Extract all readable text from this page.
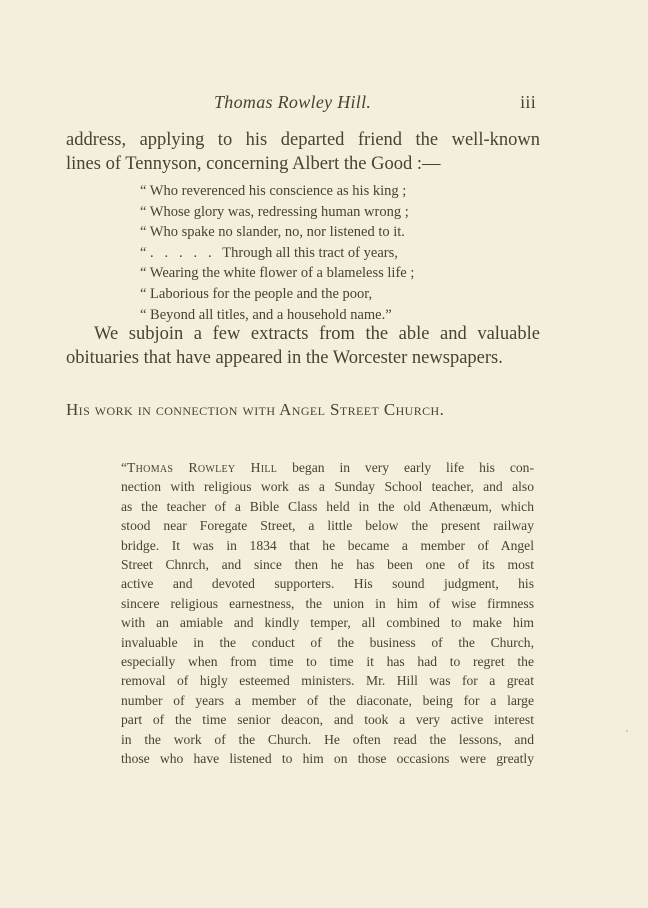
Thomas Rowley Hill.	iii
address, applying to his departed friend the well-known
lines of Tennyson, concerning Albert the Good :—
“ Who reverenced his conscience as his king ;
“ Whose glory was, redressing human wrong ;
“ Who spake no slander, no, nor listened to it.
“ .   .   .   .   .   Through all this tract of years,
“ Wearing the white flower of a blameless life ;
“ Laborious for the people and the poor,
“ Beyond all titles, and a household name.”
We subjoin a few extracts from the able and valuable
obituaries that have appeared in the Worcester newspapers.
His work in connection with Angel Street Church.
“Thomas Rowley Hill began in very early life his con-
nection with religious work as a Sunday School teacher, and also
as the teacher of a Bible Class held in the old Athenæum, which
stood near Foregate Street, a little below the present railway
bridge. It was in 1834 that he became a member of Angel
Street Chnrch, and since then he has been one of its most
active and devoted supporters. His sound judgment, his
sincere religious earnestness, the union in him of wise firmness
with an amiable and kindly temper, all combined to make him
invaluable in the conduct of the business of the Church,
especially when from time to time it has had to regret the
removal of higly esteemed ministers. Mr. Hill was for a great
number of years a member of the diaconate, being for a large
part of the time senior deacon, and took a very active interest
in the work of the Church. He often read the lessons, and
those who have listened to him on those occasions were greatly
